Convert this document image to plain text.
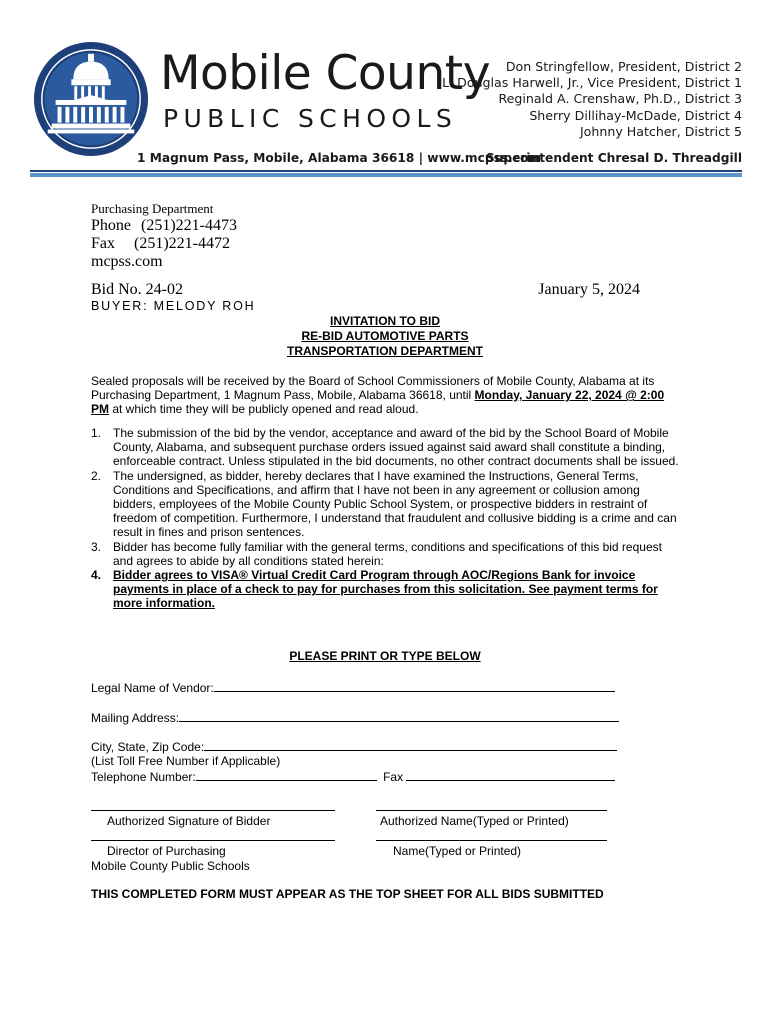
Mobile County
PUBLIC SCHOOLS
Don Stringfellow, President, District 2
L. Douglas Harwell, Jr., Vice President, District 1
Reginald A. Crenshaw, Ph.D., District 3
Sherry Dillihay-McDade, District 4
Johnny Hatcher, District 5
1 Magnum Pass, Mobile, Alabama 36618 | www.mcpss.com
Superintendent Chresal D. Threadgill
Purchasing Department
Phone (251)221-4473
Fax (251)221-4472
mcpss.com
Bid No. 24-02	January 5, 2024
BUYER: MELODY ROH
INVITATION TO BID
RE-BID AUTOMOTIVE PARTS
TRANSPORTATION DEPARTMENT
Sealed proposals will be received by the Board of School Commissioners of Mobile County, Alabama at its Purchasing Department, 1 Magnum Pass, Mobile, Alabama 36618, until Monday, January 22, 2024 @ 2:00 PM at which time they will be publicly opened and read aloud.
1. The submission of the bid by the vendor, acceptance and award of the bid by the School Board of Mobile County, Alabama, and subsequent purchase orders issued against said award shall constitute a binding, enforceable contract. Unless stipulated in the bid documents, no other contract documents shall be issued.
2. The undersigned, as bidder, hereby declares that I have examined the Instructions, General Terms, Conditions and Specifications, and affirm that I have not been in any agreement or collusion among bidders, employees of the Mobile County Public School System, or prospective bidders in restraint of freedom of competition. Furthermore, I understand that fraudulent and collusive bidding is a crime and can result in fines and prison sentences.
3. Bidder has become fully familiar with the general terms, conditions and specifications of this bid request and agrees to abide by all conditions stated herein:
4. Bidder agrees to VISA® Virtual Credit Card Program through AOC/Regions Bank for invoice payments in place of a check to pay for purchases from this solicitation. See payment terms for more information.
PLEASE PRINT OR TYPE BELOW
Legal Name of Vendor:
Mailing Address:
City, State, Zip Code:
(List Toll Free Number if Applicable)
Telephone Number:	Fax
Authorized Signature of Bidder	Authorized Name(Typed or Printed)
Director of Purchasing
Mobile County Public Schools
Name(Typed or Printed)
THIS COMPLETED FORM MUST APPEAR AS THE TOP SHEET FOR ALL BIDS SUBMITTED
